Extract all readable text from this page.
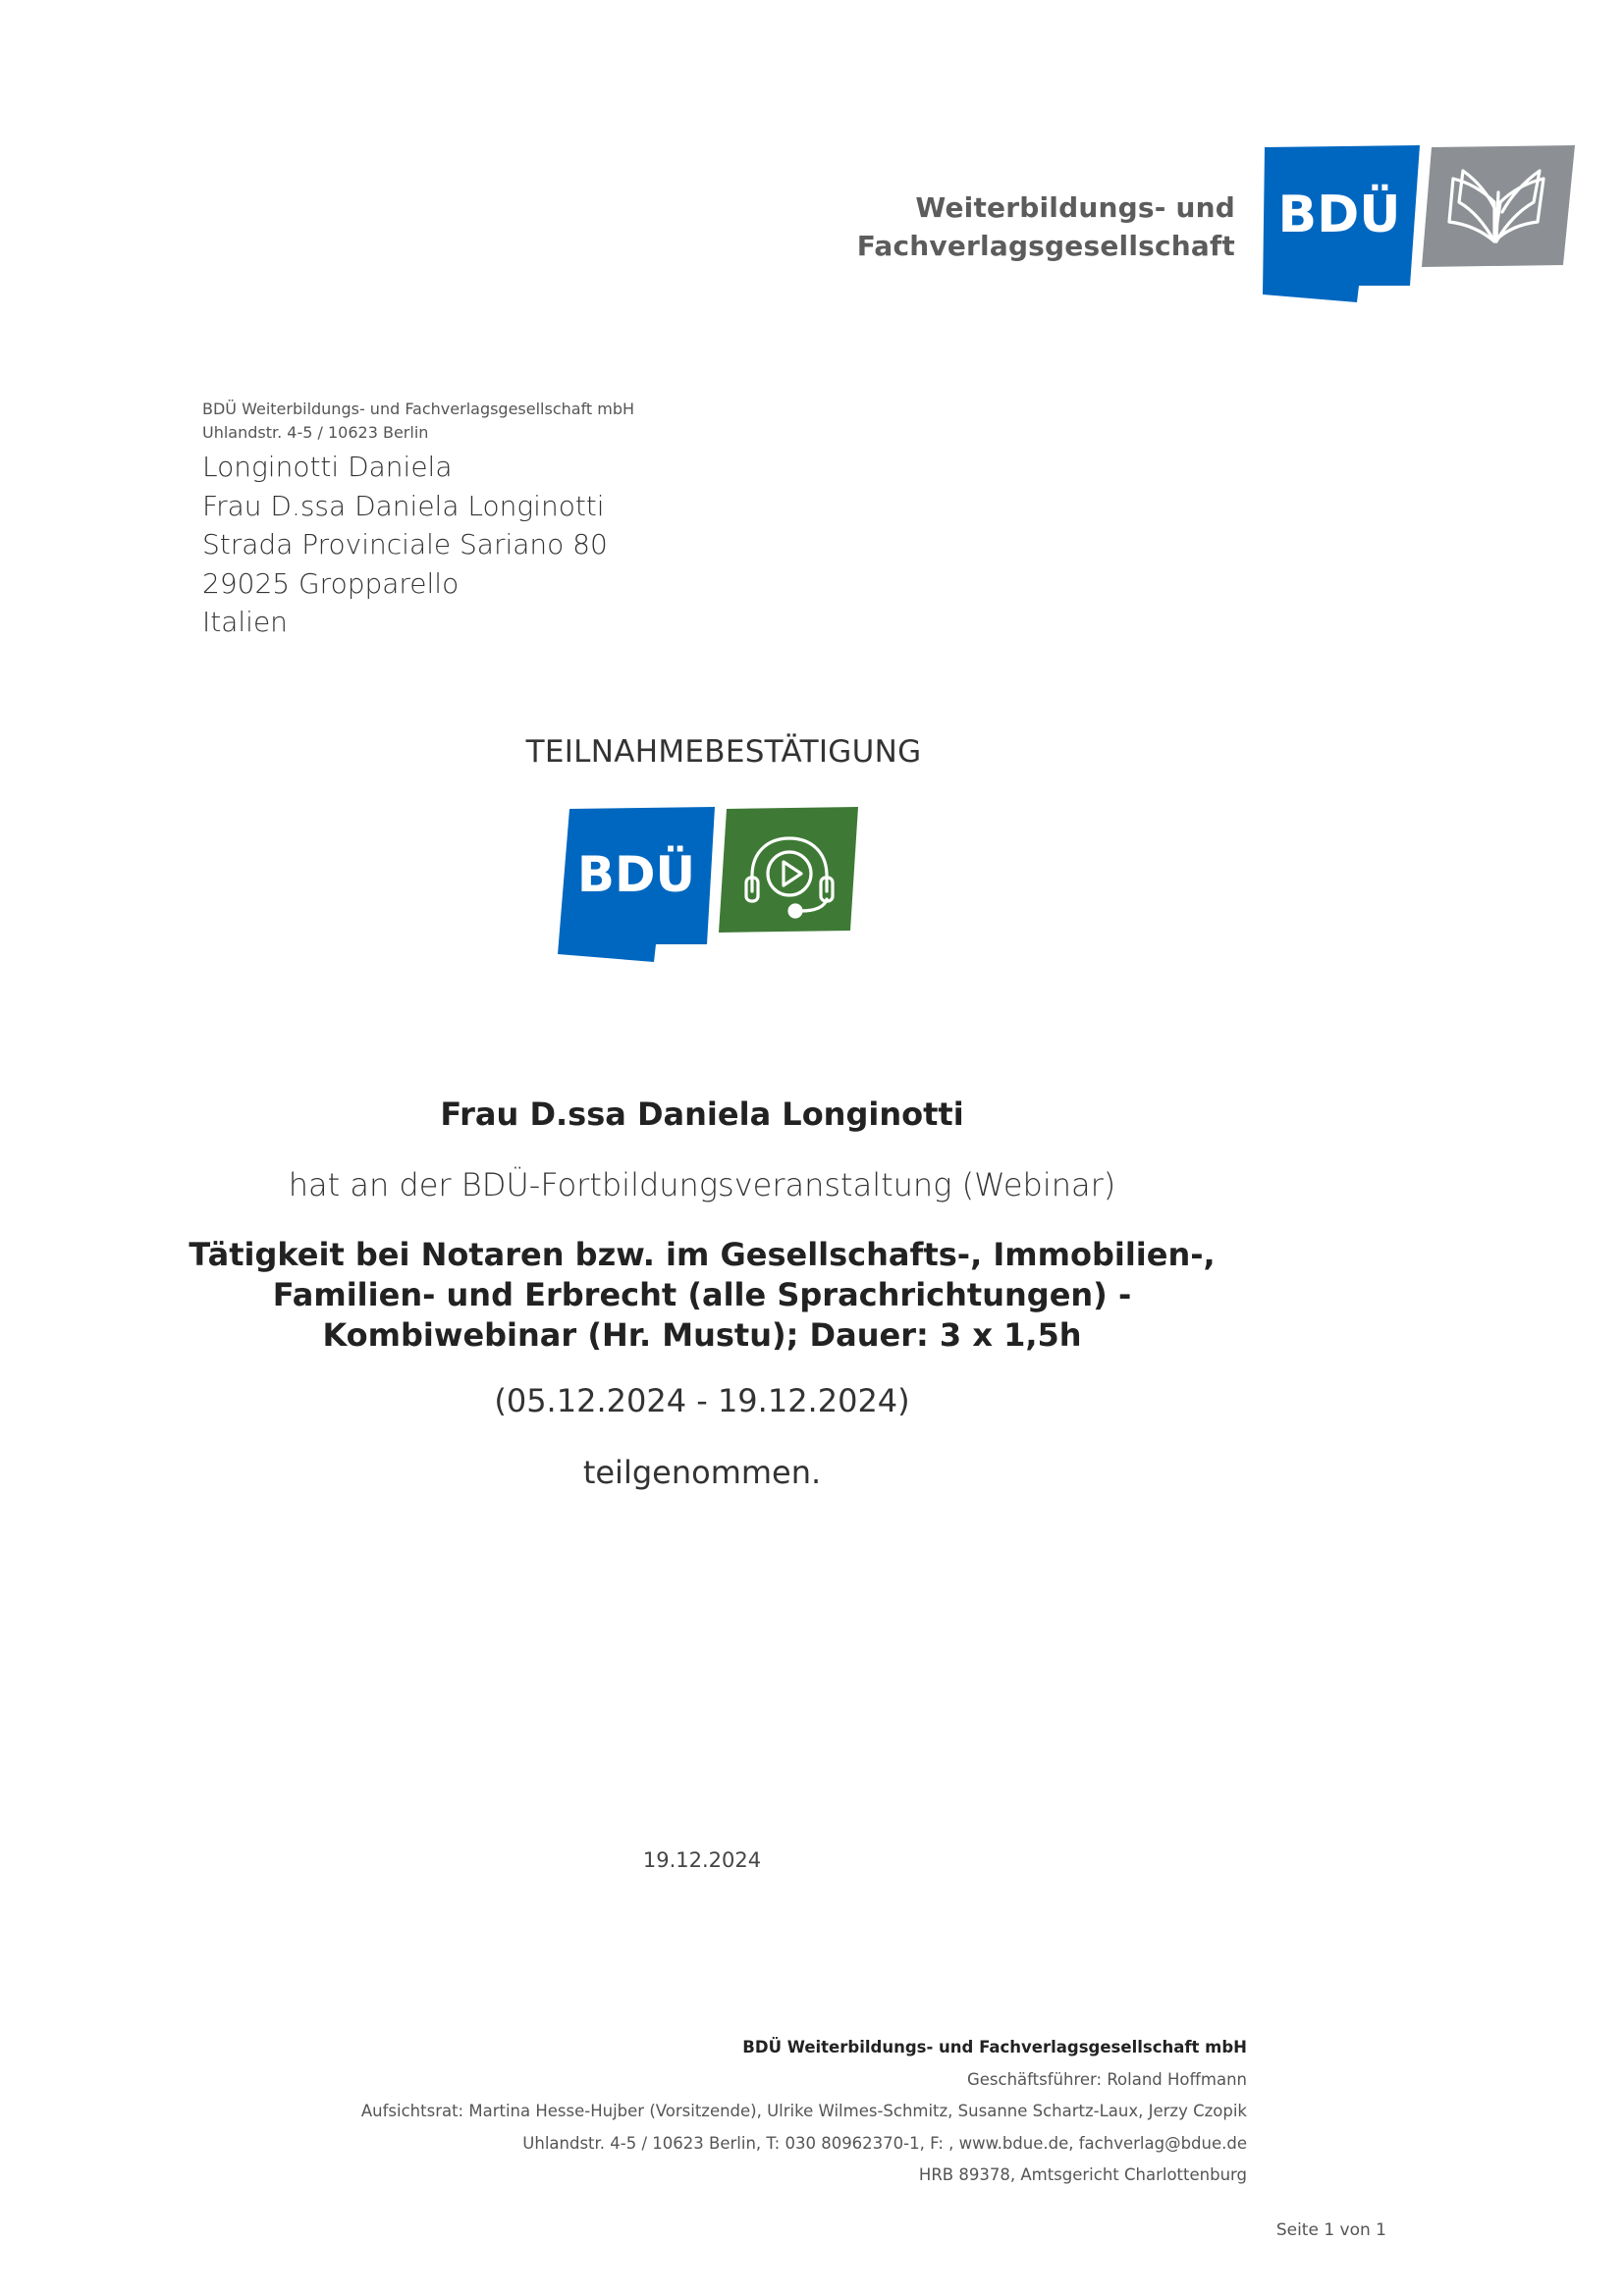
Weiterbildungs- und
Fachverlagsgesellschaft
BDÜ
BDÜ Weiterbildungs- und Fachverlagsgesellschaft mbH
Uhlandstr. 4-5 / 10623 Berlin
Longinotti Daniela
Frau D.ssa Daniela Longinotti
Strada Provinciale Sariano 80
29025 Gropparello
Italien
TEILNAHMEBESTÄTIGUNG
BDÜ
Frau D.ssa Daniela Longinotti
hat an der BDÜ-Fortbildungsveranstaltung (Webinar)
Tätigkeit bei Notaren bzw. im Gesellschafts-, Immobilien-,
Familien- und Erbrecht (alle Sprachrichtungen) -
Kombiwebinar (Hr. Mustu); Dauer: 3 x 1,5h
(05.12.2024 - 19.12.2024)
teilgenommen.
19.12.2024
BDÜ Weiterbildungs- und Fachverlagsgesellschaft mbH
Geschäftsführer: Roland Hoffmann
Aufsichtsrat: Martina Hesse-Hujber (Vorsitzende), Ulrike Wilmes-Schmitz, Susanne Schartz-Laux, Jerzy Czopik
Uhlandstr. 4-5 / 10623 Berlin, T: 030 80962370-1, F: , www.bdue.de, fachverlag@bdue.de
HRB 89378, Amtsgericht Charlottenburg
Seite 1 von 1
